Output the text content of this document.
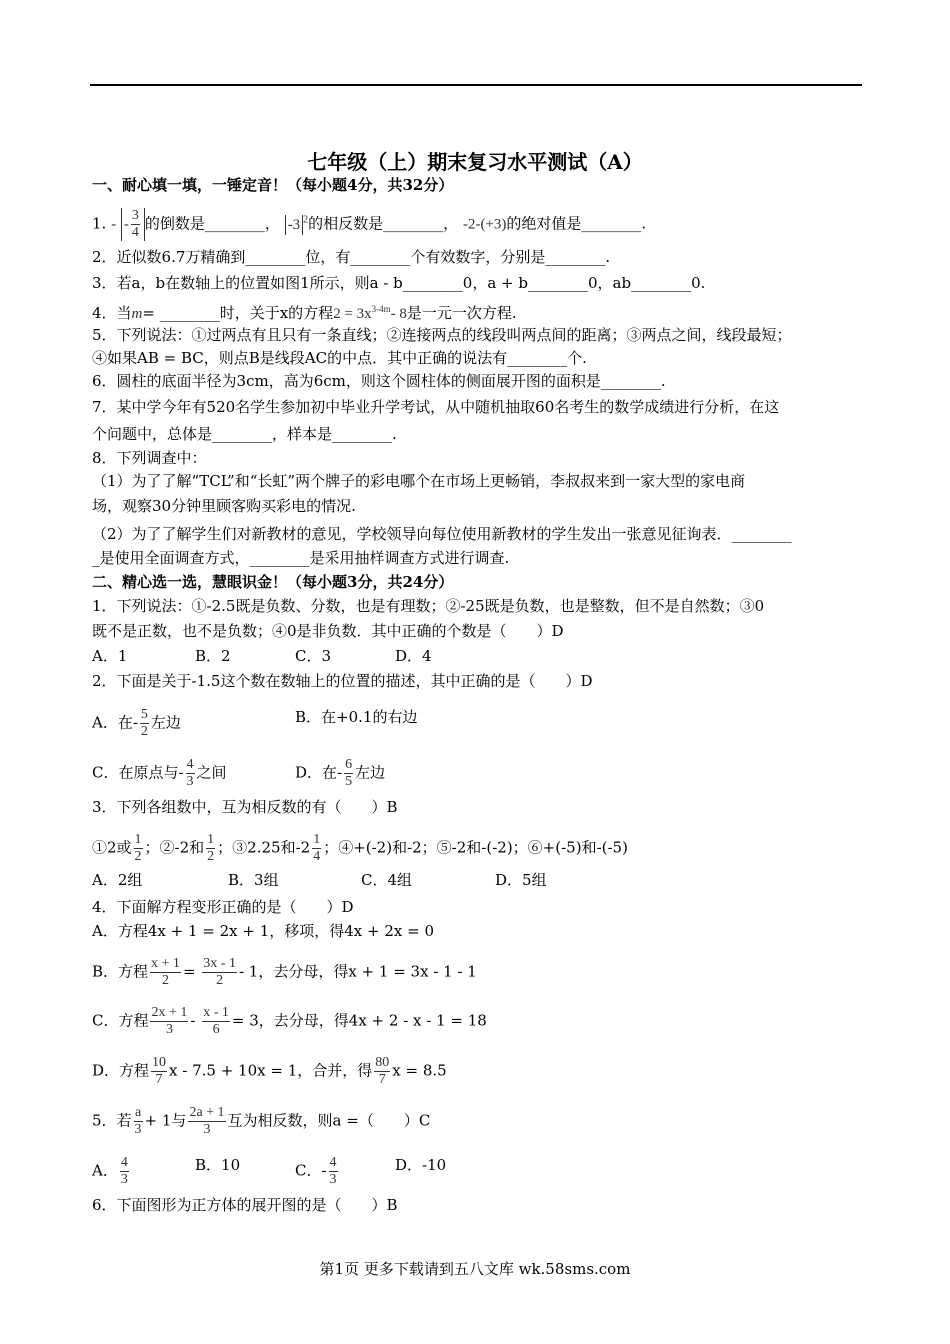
七年级（上）期末复习水平测试（A）
一、耐心填一填，一锤定音！（每小题4分，共32分）
1. - - $\frac{3}{4}$ 的倒数是________， -3 $^2$的相反数是________， -2-(+3)的绝对值是________.
2．近似数6.7万精确到________位，有________个有效数字，分别是________.
3．若a，b在数轴上的位置如图1所示，则a - b________0，a + b________0，ab________0.
4．当m= ________时，关于x的方程$2 = 3x^{3-4m}-$ 8是一元一次方程.
5．下列说法：①过两点有且只有一条直线；②连接两点的线段叫两点间的距离；③两点之间，线段最短；
④如果AB = BC，则点B是线段AC的中点．其中正确的说法有________个.
6．圆柱的底面半径为3cm，高为6cm，则这个圆柱体的侧面展开图的面积是________.
7．某中学今年有520名学生参加初中毕业升学考试，从中随机抽取60名考生的数学成绩进行分析，在这
个问题中，总体是________，样本是________.
8．下列调查中：
（1）为了了解“TCL”和“长虹”两个牌子的彩电哪个在市场上更畅销，李叔叔来到一家大型的家电商
场，观察30分钟里顾客购买彩电的情况.
（2）为了了解学生们对新教材的意见，学校领导向每位使用新教材的学生发出一张意见征询表．________
_是使用全面调查方式，________是采用抽样调查方式进行调查.
二、精心选一选，慧眼识金！（每小题3分，共24分）
1．下列说法：①-2.5既是负数、分数，也是有理数；②-25既是负数，也是整数，但不是自然数；③0
既不是正数，也不是负数；④0是非负数．其中正确的个数是（　　）D
A．1	B．2	C．3	D．4
2．下面是关于-1.5这个数在数轴上的位置的描述，其中正确的是（　　）D
A．在- $\frac{5}{2}$ 左边	B．在+0.1的右边
C．在原点与- $\frac{4}{3}$ 之间	D．在- $\frac{6}{5}$ 左边
3．下列各组数中，互为相反数的有（　　）B
①2或 $\frac{1}{2}$ ；②-2和 $\frac{1}{2}$ ；③2.25和$-2 \frac{1}{4}$ ；④+(-2)和-2；⑤-2和-(-2)；⑥+(-5)和-(-5)
A．2组	B．3组	C．4组	D．5组
4．下面解方程变形正确的是（　　）D
A．方程4x + 1 = 2x + 1，移项，得4x + 2x = 0
B．方程 $\frac{x + 1}{2} = \frac{3x - 1}{2} - 1$，去分母，得x + 1 = 3x - 1 - 1
C．方程 $\frac{2x + 1}{3} - \frac{x - 1}{6} = 3$，去分母，得4x + 2 - x - 1 = 18
D．方程 $\frac{10}{7}$ x - 7.5 + 10x = 1，合并，得 $\frac{80}{7}$ x = 8.5
5．若 $\frac{a}{3} + 1$与 $\frac{2a + 1}{3}$ 互为相反数，则a =（　　）C
A． $\frac{4}{3}$	B．10	C．- $\frac{4}{3}$	D．-10
6．下面图形为正方体的展开图的是（　　）B
第1页 更多下载请到五八文库 wk.58sms.com
